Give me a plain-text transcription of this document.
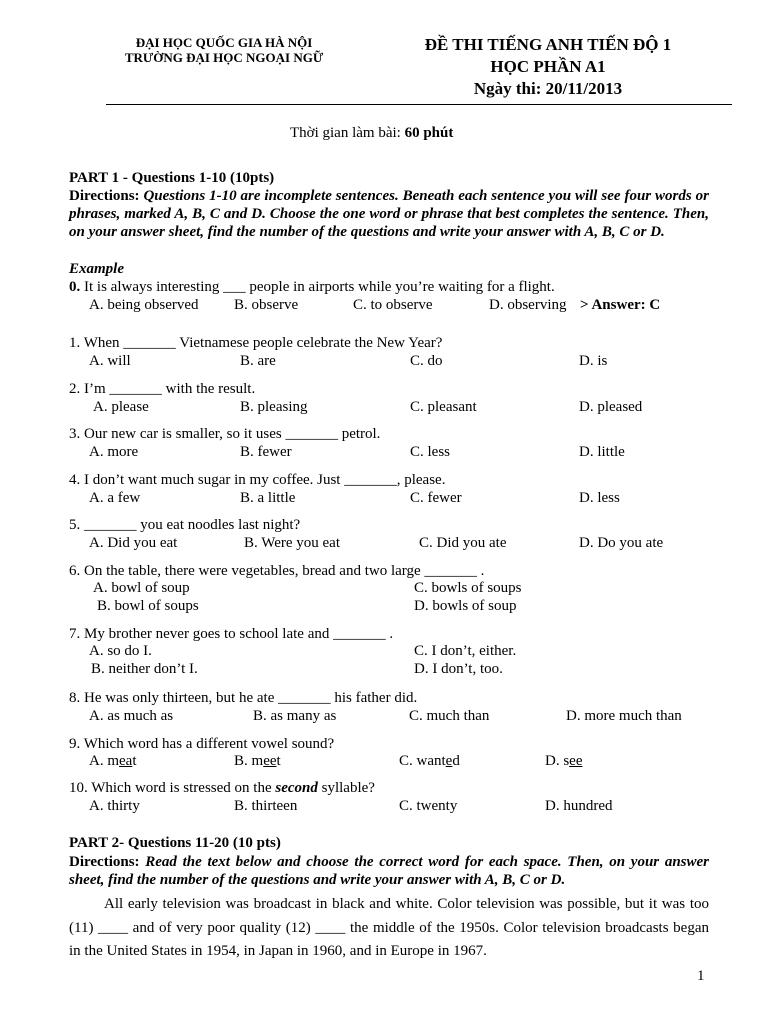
ĐẠI HỌC QUỐC GIA HÀ NỘI
TRƯỜNG ĐẠI HỌC NGOẠI NGỮ
ĐỀ THI TIẾNG ANH TIẾN ĐỘ 1
HỌC PHẦN A1
Ngày thi: 20/11/2013
Thời gian làm bài: 60 phút
PART 1 - Questions 1-10 (10pts)
Directions: Questions 1-10 are incomplete sentences. Beneath each sentence you will see four words or phrases, marked A, B, C and D. Choose the one word or phrase that best completes the sentence. Then, on your answer sheet, find the number of the questions and write your answer with A, B, C or D.
Example
0. It is always interesting ___ people in airports while you’re waiting for a flight.
A. being observed B. observe	C. to observe	D. observing > Answer: C
1. When _______ Vietnamese people celebrate the New Year?
A. will	B. are	C. do	D. is
2. I’m _______ with the result.
A. please	B. pleasing	C. pleasant	D. pleased
3. Our new car is smaller, so it uses _______ petrol.
A. more	B. fewer	C. less	D. little
4. I don’t want much sugar in my coffee. Just _______, please.
A. a few	B. a little	C. fewer	D. less
5. _______ you eat noodles last night?
A. Did you eat	B. Were you eat	C. Did you ate	D. Do you ate
6. On the table, there were vegetables, bread and two large _______ .
A. bowl of soup	C. bowls of soups
B. bowl of soups	D. bowls of soup
7. My brother never goes to school late and _______ .
A. so do I.	C. I don’t, either.
B. neither don’t I.	D. I don’t, too.
8. He was only thirteen, but he ate _______ his father did.
A. as much as	B. as many as	C. much than	D. more much than
9. Which word has a different vowel sound?
A. meat	B. meet	C. wanted	D. see
10. Which word is stressed on the second syllable?
A. thirty	B. thirteen	C. twenty	D. hundred
PART 2- Questions 11-20 (10 pts)
Directions: Read the text below and choose the correct word for each space. Then, on your answer sheet, find the number of the questions and write your answer with A, B, C or D.
All early television was broadcast in black and white. Color television was possible, but it was too (11) ____ and of very poor quality (12) ____ the middle of the 1950s. Color television broadcasts began in the United States in 1954, in Japan in 1960, and in Europe in 1967.
1
